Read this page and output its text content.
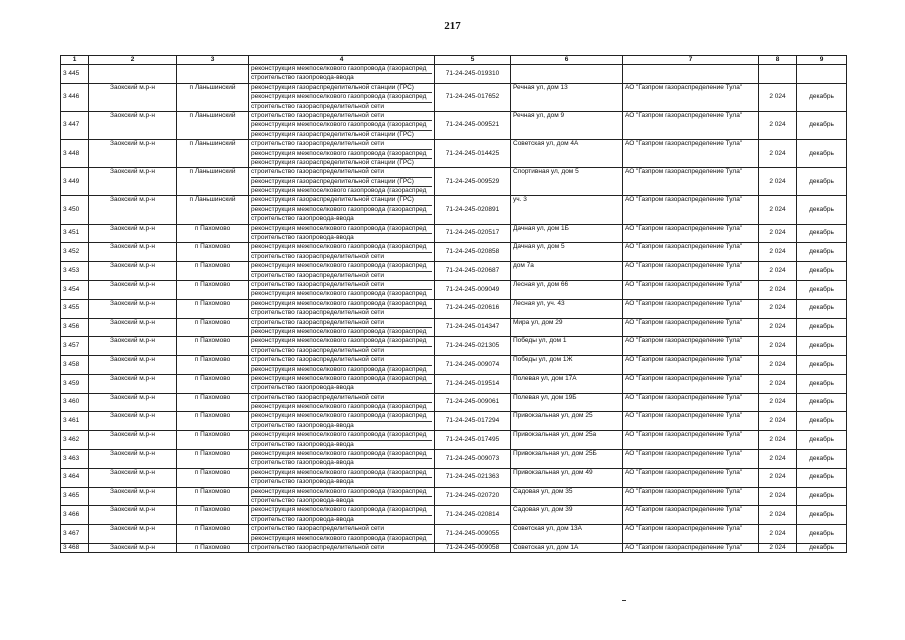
217
1	2	3	4	5	6	7	8	9
3 445			реконструкция межпоселкового газопровода (газораспред
строительство газопровода-ввода	71-24-245-019310				
3 446	Заокский м.р-н	п Ланьшинский	реконструкция газораспределительной станции (ГРС)
реконструкция межпоселкового газопровода (газораспред
строительство газораспределительной сети	71-24-245-017652	Речная ул, дом 13	АО "Газпром газораспределение Тула"	2 024	декабрь
3 447	Заокский м.р-н	п Ланьшинский	строительство газораспределительной сети
реконструкция межпоселкового газопровода (газораспред
реконструкция газораспределительной станции (ГРС)	71-24-245-009521	Речная ул, дом 9	АО "Газпром газораспределение Тула"	2 024	декабрь
3 448	Заокский м.р-н	п Ланьшинский	строительство газораспределительной сети
реконструкция межпоселкового газопровода (газораспред
реконструкция газораспределительной станции (ГРС)	71-24-245-014425	Советская ул, дом 4А	АО "Газпром газораспределение Тула"	2 024	декабрь
3 449	Заокский м.р-н	п Ланьшинский	строительство газораспределительной сети
реконструкция газораспределительной станции (ГРС)
реконструкция межпоселкового газопровода (газораспред	71-24-245-009529	Спортивная ул, дом 5	АО "Газпром газораспределение Тула"	2 024	декабрь
3 450	Заокский м.р-н	п Ланьшинский	реконструкция газораспределительной станции (ГРС)
реконструкция межпоселкового газопровода (газораспред
строительство газопровода-ввода	71-24-245-020891	уч. 3	АО "Газпром газораспределение Тула"	2 024	декабрь
3 451	Заокский м.р-н	п Пахомово	реконструкция межпоселкового газопровода (газораспред
строительство газопровода-ввода	71-24-245-020517	Дачная ул, дом 1Б	АО "Газпром газораспределение Тула"	2 024	декабрь
3 452	Заокский м.р-н	п Пахомово	реконструкция межпоселкового газопровода (газораспред
строительство газораспределительной сети	71-24-245-020858	Дачная ул, дом 5	АО "Газпром газораспределение Тула"	2 024	декабрь
3 453	Заокский м.р-н	п Пахомово	реконструкция межпоселкового газопровода (газораспред
строительство газораспределительной сети	71-24-245-020687	дом 7а	АО "Газпром газораспределение Тула"	2 024	декабрь
3 454	Заокский м.р-н	п Пахомово	строительство газораспределительной сети
реконструкция межпоселкового газопровода (газораспред	71-24-245-009049	Лесная ул, дом 66	АО "Газпром газораспределение Тула"	2 024	декабрь
3 455	Заокский м.р-н	п Пахомово	реконструкция межпоселкового газопровода (газораспред
строительство газораспределительной сети	71-24-245-020616	Лесная ул, уч. 43	АО "Газпром газораспределение Тула"	2 024	декабрь
3 456	Заокский м.р-н	п Пахомово	строительство газораспределительной сети
реконструкция межпоселкового газопровода (газораспред	71-24-245-014347	Мира ул, дом 29	АО "Газпром газораспределение Тула"	2 024	декабрь
3 457	Заокский м.р-н	п Пахомово	реконструкция межпоселкового газопровода (газораспред
строительство газораспределительной сети	71-24-245-021305	Победы ул, дом 1	АО "Газпром газораспределение Тула"	2 024	декабрь
3 458	Заокский м.р-н	п Пахомово	строительство газораспределительной сети
реконструкция межпоселкового газопровода (газораспред	71-24-245-009074	Победы ул, дом 1Ж	АО "Газпром газораспределение Тула"	2 024	декабрь
3 459	Заокский м.р-н	п Пахомово	реконструкция межпоселкового газопровода (газораспред
строительство газопровода-ввода	71-24-245-019514	Полевая ул, дом 17А	АО "Газпром газораспределение Тула"	2 024	декабрь
3 460	Заокский м.р-н	п Пахомово	строительство газораспределительной сети
реконструкция межпоселкового газопровода (газораспред	71-24-245-009061	Полевая ул, дом 19Б	АО "Газпром газораспределение Тула"	2 024	декабрь
3 461	Заокский м.р-н	п Пахомово	реконструкция межпоселкового газопровода (газораспред
строительство газопровода-ввода	71-24-245-017294	Привокзальная ул, дом 25	АО "Газпром газораспределение Тула"	2 024	декабрь
3 462	Заокский м.р-н	п Пахомово	реконструкция межпоселкового газопровода (газораспред
строительство газопровода-ввода	71-24-245-017495	Привокзальная ул, дом 25а	АО "Газпром газораспределение Тула"	2 024	декабрь
3 463	Заокский м.р-н	п Пахомово	реконструкция межпоселкового газопровода (газораспред
строительство газопровода-ввода	71-24-245-009073	Привокзальная ул, дом 25Б	АО "Газпром газораспределение Тула"	2 024	декабрь
3 464	Заокский м.р-н	п Пахомово	реконструкция межпоселкового газопровода (газораспред
строительство газопровода-ввода	71-24-245-021363	Привокзальная ул, дом 49	АО "Газпром газораспределение Тула"	2 024	декабрь
3 465	Заокский м.р-н	п Пахомово	реконструкция межпоселкового газопровода (газораспред
строительство газопровода-ввода	71-24-245-020720	Садовая ул, дом 35	АО "Газпром газораспределение Тула"	2 024	декабрь
3 466	Заокский м.р-н	п Пахомово	реконструкция межпоселкового газопровода (газораспред
строительство газопровода-ввода	71-24-245-020814	Садовая ул, дом 39	АО "Газпром газораспределение Тула"	2 024	декабрь
3 467	Заокский м.р-н	п Пахомово	строительство газораспределительной сети
реконструкция межпоселкового газопровода (газораспред	71-24-245-009055	Советская ул, дом 13А	АО "Газпром газораспределение Тула"	2 024	декабрь
3 468	Заокский м.р-н	п Пахомово	строительство газораспределительной сети	71-24-245-009058	Советская ул, дом 1А	АО "Газпром газораспределение Тула"	2 024	декабрь
